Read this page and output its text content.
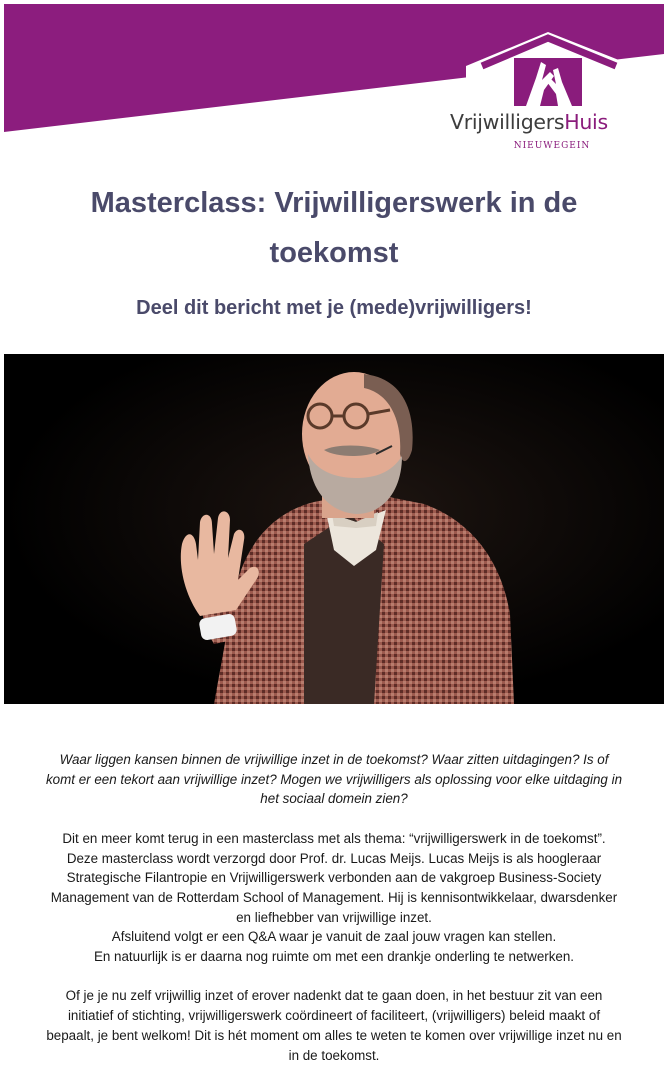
VrijwilligersHuis
NIEUWEGEIN
Masterclass: Vrijwilligerswerk in de toekomst
Deel dit bericht met je (mede)vrijwilligers!

Waar liggen kansen binnen de vrijwillige inzet in de toekomst? Waar zitten uitdagingen? Is of komt er een tekort aan vrijwillige inzet? Mogen we vrijwilligers als oplossing voor elke uitdaging in het sociaal domein zien?

Dit en meer komt terug in een masterclass met als thema: “vrijwilligerswerk in de toekomst”.

Deze masterclass wordt verzorgd door Prof. dr. Lucas Meijs. Lucas Meijs is als hoogleraar Strategische Filantropie en Vrijwilligerswerk verbonden aan de vakgroep Business-Society Management van de Rotterdam School of Management. Hij is kennisontwikkelaar, dwarsdenker en liefhebber van vrijwillige inzet.

Afsluitend volgt er een Q&A waar je vanuit de zaal jouw vragen kan stellen.

En natuurlijk is er daarna nog ruimte om met een drankje onderling te netwerken.

Of je je nu zelf vrijwillig inzet of erover nadenkt dat te gaan doen, in het bestuur zit van een initiatief of stichting, vrijwilligerswerk coördineert of faciliteert, (vrijwilligers) beleid maakt of bepaalt, je bent welkom! Dit is hét moment om alles te weten te komen over vrijwillige inzet nu en in de toekomst.
